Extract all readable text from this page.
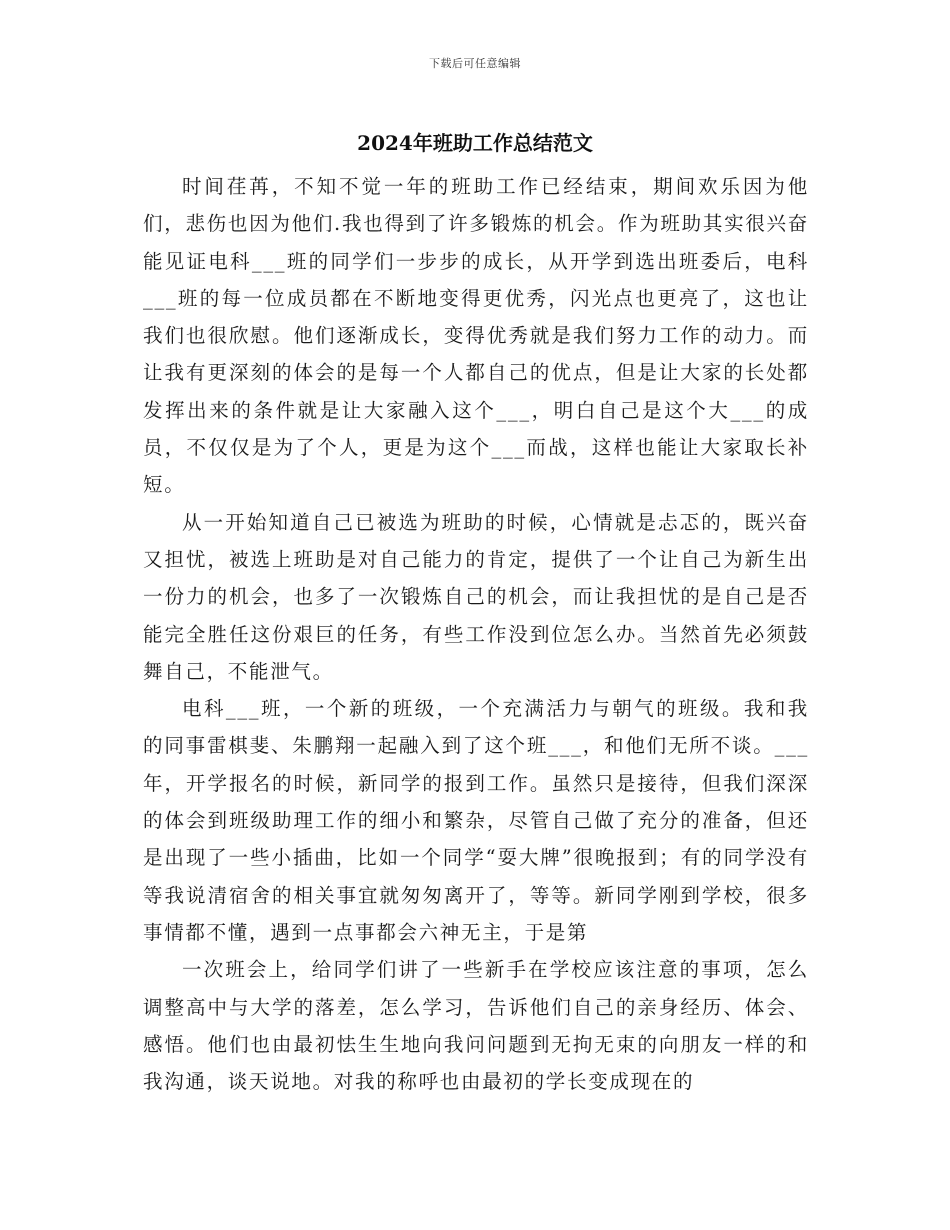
下载后可任意编辑
2024年班助工作总结范文

时间荏苒，不知不觉一年的班助工作已经结束，期间欢乐因为他们，悲伤也因为他们.我也得到了许多锻炼的机会。作为班助其实很兴奋能见证电科___班的同学们一步步的成长，从开学到选出班委后，电科___班的每一位成员都在不断地变得更优秀，闪光点也更亮了，这也让我们也很欣慰。他们逐渐成长，变得优秀就是我们努力工作的动力。而让我有更深刻的体会的是每一个人都自己的优点，但是让大家的长处都发挥出来的条件就是让大家融入这个___，明白自己是这个大___的成员，不仅仅是为了个人，更是为这个___而战，这样也能让大家取长补短。

从一开始知道自己已被选为班助的时候，心情就是忐忑的，既兴奋又担忧，被选上班助是对自己能力的肯定，提供了一个让自己为新生出一份力的机会，也多了一次锻炼自己的机会，而让我担忧的是自己是否能完全胜任这份艰巨的任务，有些工作没到位怎么办。当然首先必须鼓舞自己，不能泄气。

电科___班，一个新的班级，一个充满活力与朝气的班级。我和我的同事雷棋斐、朱鹏翔一起融入到了这个班___，和他们无所不谈。___年，开学报名的时候，新同学的报到工作。虽然只是接待，但我们深深的体会到班级助理工作的细小和繁杂，尽管自己做了充分的准备，但还是出现了一些小插曲，比如一个同学“耍大牌”很晚报到；有的同学没有等我说清宿舍的相关事宜就匆匆离开了，等等。新同学刚到学校，很多事情都不懂，遇到一点事都会六神无主，于是第

一次班会上，给同学们讲了一些新手在学校应该注意的事项，怎么调整高中与大学的落差，怎么学习，告诉他们自己的亲身经历、体会、感悟。他们也由最初怯生生地向我问问题到无拘无束的向朋友一样的和我沟通，谈天说地。对我的称呼也由最初的学长变成现在的
